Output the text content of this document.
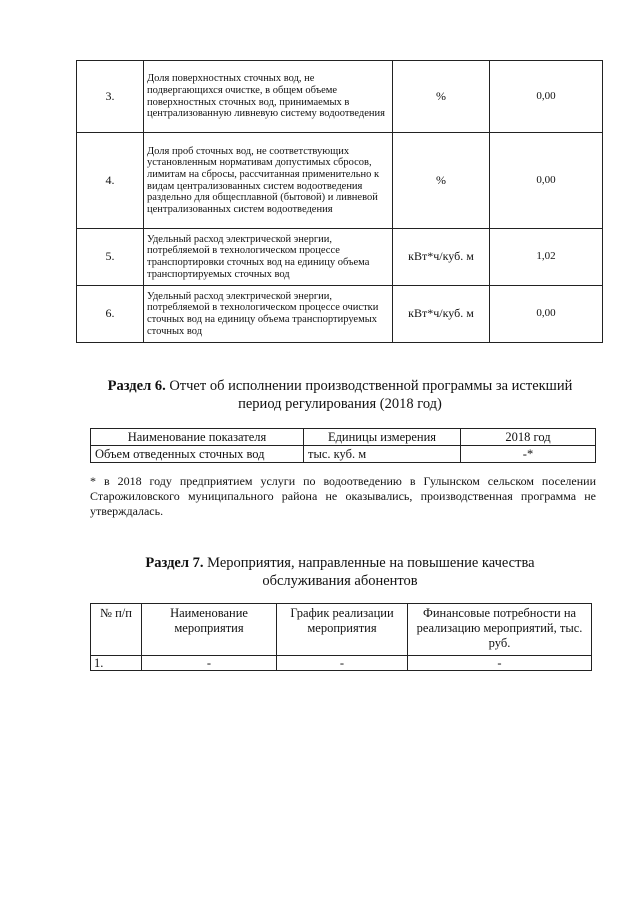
3.	Доля поверхностных сточных вод, не подвергающихся очистке, в общем объеме поверхностных сточных вод, принимаемых в централизованную ливневую систему водоотведения	%	0,00
4.	Доля проб сточных вод, не соответствующих установленным нормативам допустимых сбросов, лимитам на сбросы, рассчитанная применительно к видам централизованных систем водоотведения раздельно для общесплавной (бытовой) и ливневой централизованных систем водоотведения	%	0,00
5.	Удельный расход электрической энергии, потребляемой в технологическом процессе транспортировки сточных вод на единицу объема транспортируемых сточных вод	кВт*ч/куб. м	1,02
6.	Удельный расход электрической энергии, потребляемой в технологическом процессе очистки сточных вод на единицу объема транспортируемых сточных вод	кВт*ч/куб. м	0,00
Раздел 6. Отчет об исполнении производственной программы за истекший
период регулирования (2018 год)
Наименование показателя	Единицы измерения	2018 год
Объем отведенных сточных вод	тыс. куб. м	-*
* в 2018 году предприятием услуги по водоотведению в Гулынском сельском поселении Старожиловского муниципального района не оказывались, производственная программа не утверждалась.
Раздел 7. Мероприятия, направленные на повышение качества
обслуживания абонентов
№ п/п	Наименование мероприятия	График реализации мероприятия	Финансовые потребности на реализацию мероприятий, тыс. руб.
1.	-	-	-
